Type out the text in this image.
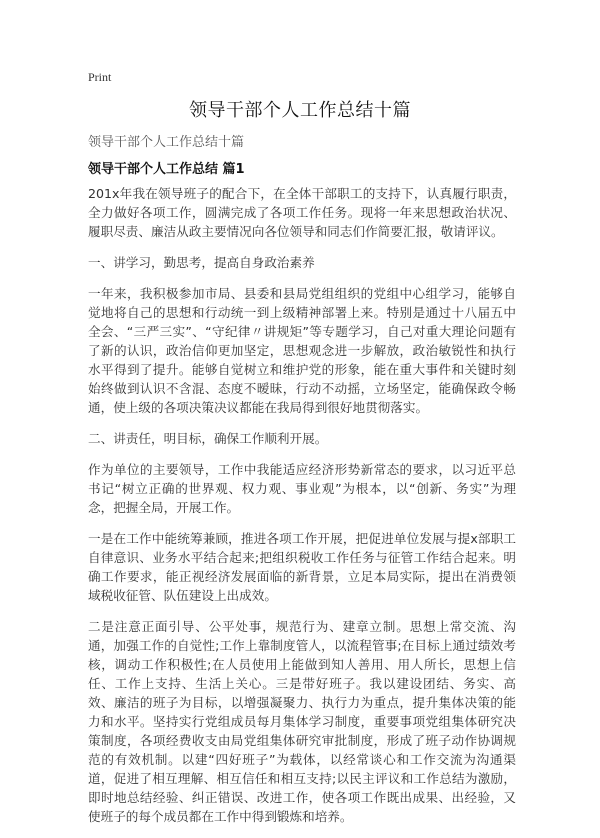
Print
领导干部个人工作总结十篇
领导干部个人工作总结十篇
领导干部个人工作总结 篇1

201x年我在领导班子的配合下，在全体干部职工的支持下，认真履行职责，全力做好各项工作，圆满完成了各项工作任务。现将一年来思想政治状况、履职尽责、廉洁从政主要情况向各位领导和同志们作简要汇报，敬请评议。

一、讲学习，勤思考，提高自身政治素养

一年来，我积极参加市局、县委和县局党组组织的党组中心组学习，能够自觉地将自己的思想和行动统一到上级精神部署上来。特别是通过十八届五中全会、“三严三实”、“守纪律〃讲规矩”等专题学习，自己对重大理论问题有了新的认识，政治信仰更加坚定，思想观念进一步解放，政治敏锐性和执行水平得到了提升。能够自觉树立和维护党的形象，能在重大事件和关键时刻始终做到认识不含混、态度不暧昧，行动不动摇，立场坚定，能确保政令畅通，使上级的各项决策决议都能在我局得到很好地贯彻落实。

二、讲责任，明目标，确保工作顺利开展。

作为单位的主要领导，工作中我能适应经济形势新常态的要求，以习近平总书记“树立正确的世界观、权力观、事业观”为根本，以“创新、务实”为理念，把握全局，开展工作。

一是在工作中能统筹兼顾，推进各项工作开展，把促进单位发展与提x部职工自律意识、业务水平结合起来;把组织税收工作任务与征管工作结合起来。明确工作要求，能正视经济发展面临的新背景，立足本局实际，提出在消费领域税收征管、队伍建设上出成效。

二是注意正面引导、公平处事，规范行为、建章立制。思想上常交流、沟通，加强工作的自觉性;工作上靠制度管人，以流程管事;在目标上通过绩效考核，调动工作积极性;在人员使用上能做到知人善用、用人所长，思想上信任、工作上支持、生活上关心。三是带好班子。我以建设团结、务实、高效、廉洁的班子为目标，以增强凝聚力、执行力为重点，提升集体决策的能力和水平。坚持实行党组成员每月集体学习制度，重要事项党组集体研究决策制度，各项经费收支由局党组集体研究审批制度，形成了班子动作协调规范的有效机制。以建“四好班子”为载体，以经常谈心和工作交流为沟通渠道，促进了相互理解、相互信任和相互支持;以民主评议和工作总结为激励，即时地总结经验、纠正错误、改进工作，使各项工作既出成果、出经验，又使班子的每个成员都在工作中得到锻炼和培养。
